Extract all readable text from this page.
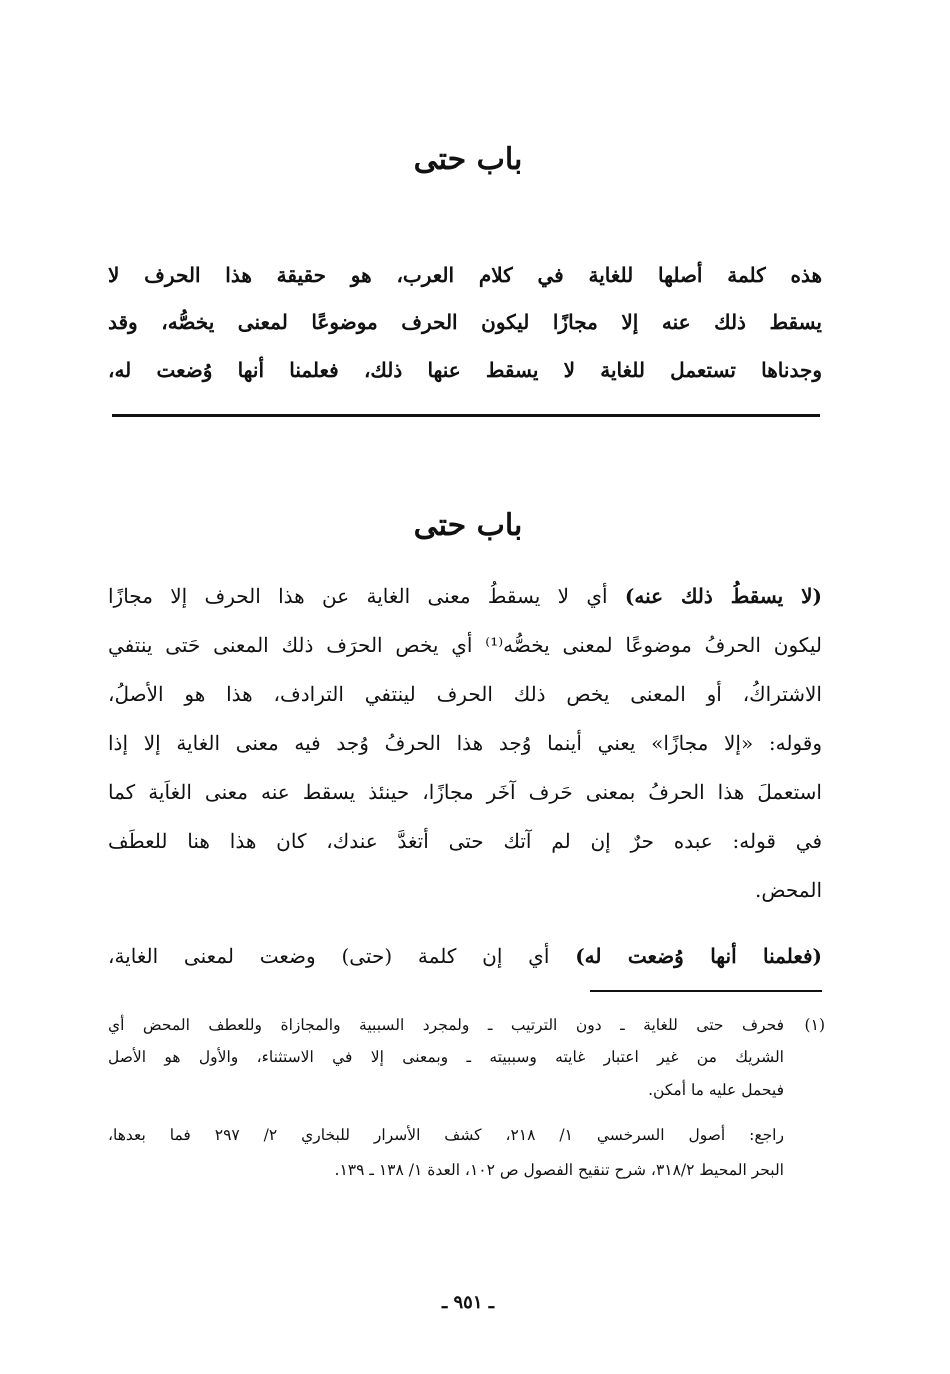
باب حتى
هذه كلمة أصلها للغاية في كلام العرب، هو حقيقة هذا الحرف لا
يسقط ذلك عنه إلا مجازًا ليكون الحرف موضوعًا لمعنى يخصُّه، وقد
وجدناها تستعمل للغاية لا يسقط عنها ذلك، فعلمنا أنها وُضعت له،
باب حتى
(لا يسقطُ ذلك عنه) أي لا يسقطُ معنى الغاية عن هذا الحرف إلا مجازًا
ليكون الحرفُ موضوعًا لمعنى يخصُّه⁽¹⁾ أي يخص الحرَف ذلك المعنى حَتى ينتفي
الاشتراكُ، أو المعنى يخص ذلك الحرف لينتفي الترادف، هذا هو الأصلُ،
وقوله: «إلا مجازًا» يعني أينما وُجد هذا الحرفُ وُجد فيه معنى الغاية إلا إذا
استعملَ هذا الحرفُ بمعنى حَرف آخَر مجازًا، حينئذ يسقط عنه معنى الغاَية كما
في قوله: عبده حرٌ إن لم آتك حتى أتغدَّ عندك، كان هذا هنا للعطَف
المحض.
(فعلمنا أنها وُضعت له) أي إن كلمة (حتى) وضعت لمعنى الغاية،
(١)
فحرف حتى للغاية ـ دون الترتيب ـ ولمجرد السببية والمجازاة وللعطف المحض أي
الشريك من غير اعتبار غايته وسببيته ـ وبمعنى إلا في الاستثناء، والأول هو الأصل
فيحمل عليه ما أمكن.
راجع: أصول السرخسي ١/ ٢١٨، كشف الأسرار للبخاري ٢/ ٢٩٧ فما بعدها،
البحر المحيط ٣١٨/٢، شرح تنقيح الفصول ص ١٠٢، العدة ١/ ١٣٨ ـ ١٣٩.
ـ ٩٥١ ـ
